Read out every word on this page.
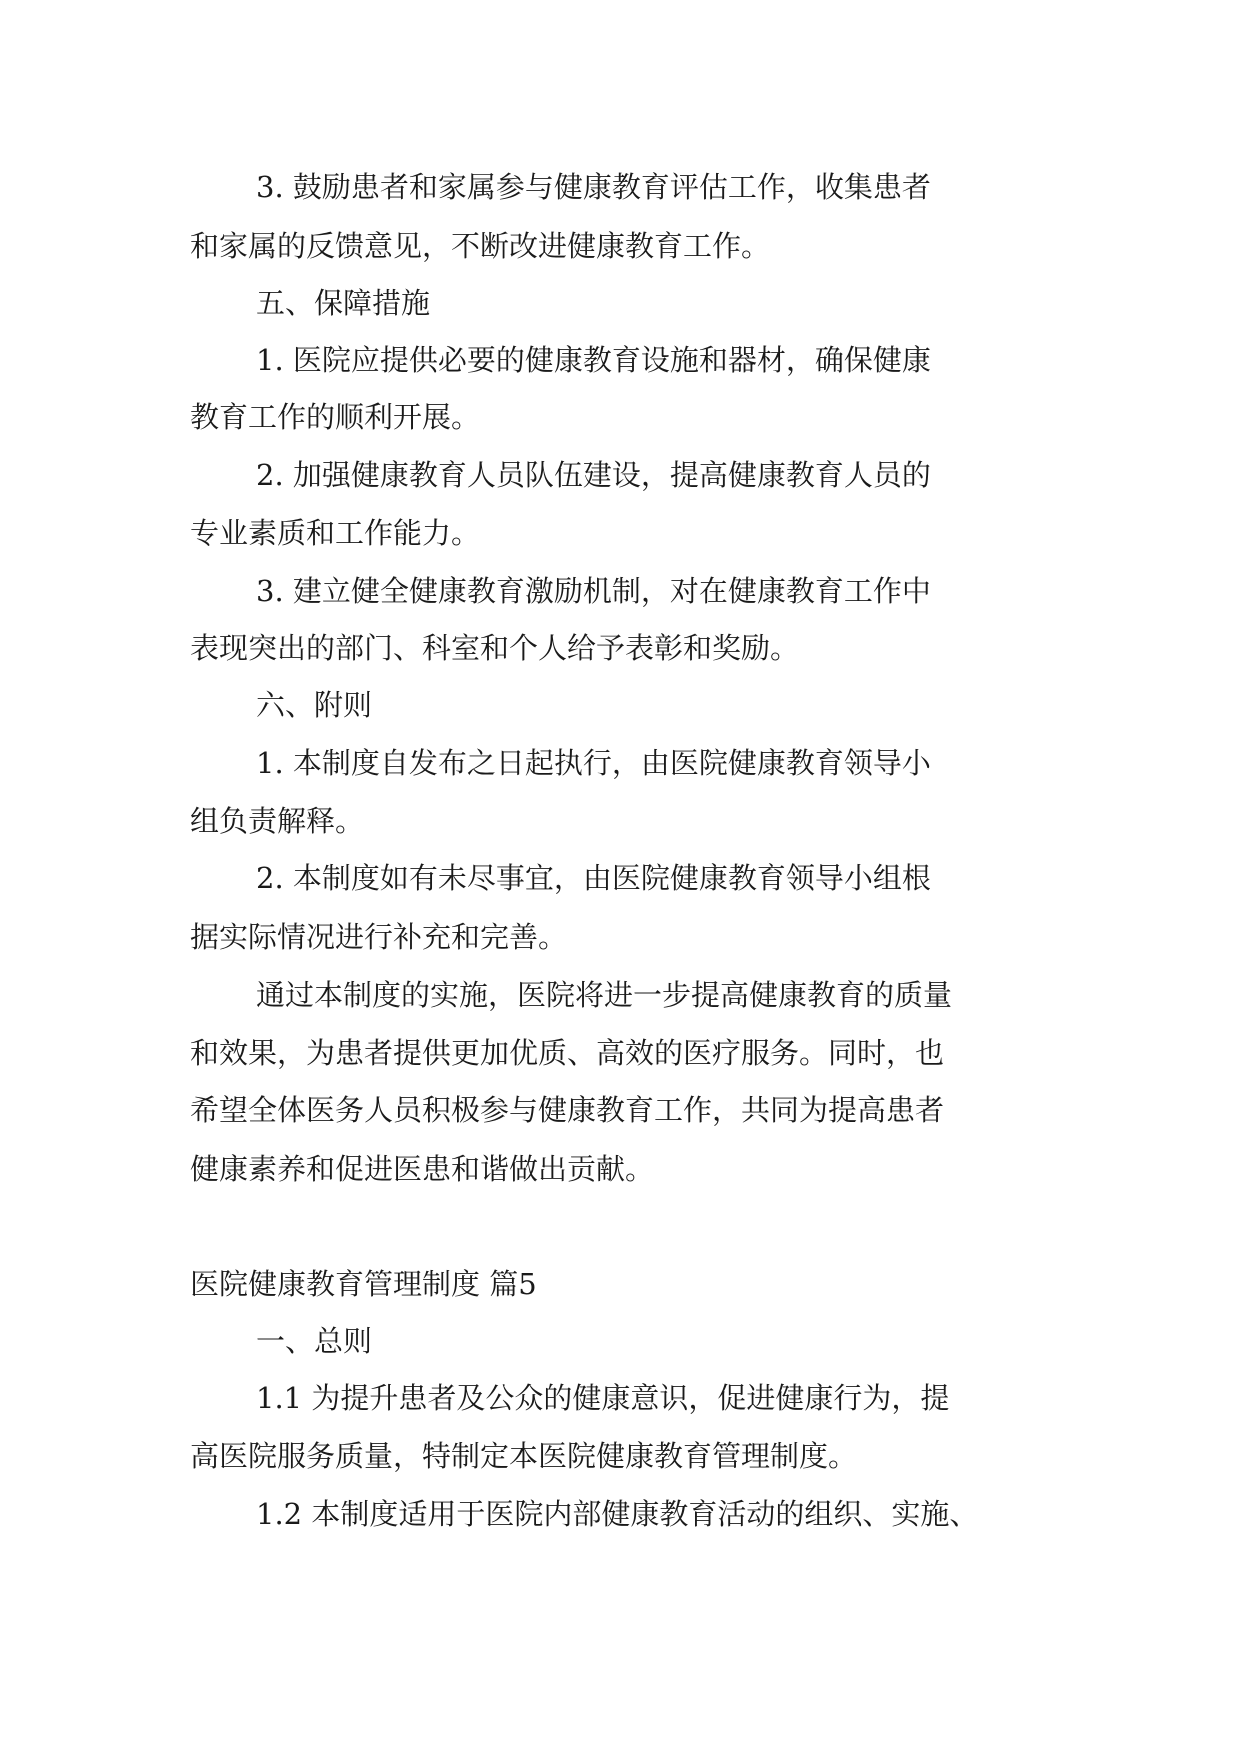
3. 鼓励患者和家属参与健康教育评估工作，收集患者

和家属的反馈意见，不断改进健康教育工作。

五、保障措施

1. 医院应提供必要的健康教育设施和器材，确保健康

教育工作的顺利开展。

2. 加强健康教育人员队伍建设，提高健康教育人员的

专业素质和工作能力。

3. 建立健全健康教育激励机制，对在健康教育工作中

表现突出的部门、科室和个人给予表彰和奖励。

六、附则

1. 本制度自发布之日起执行，由医院健康教育领导小

组负责解释。

2. 本制度如有未尽事宜，由医院健康教育领导小组根

据实际情况进行补充和完善。

通过本制度的实施，医院将进一步提高健康教育的质量

和效果，为患者提供更加优质、高效的医疗服务。同时，也

希望全体医务人员积极参与健康教育工作，共同为提高患者

健康素养和促进医患和谐做出贡献。

医院健康教育管理制度 篇5

一、总则

1.1 为提升患者及公众的健康意识，促进健康行为，提

高医院服务质量，特制定本医院健康教育管理制度。

1.2 本制度适用于医院内部健康教育活动的组织、实施、
